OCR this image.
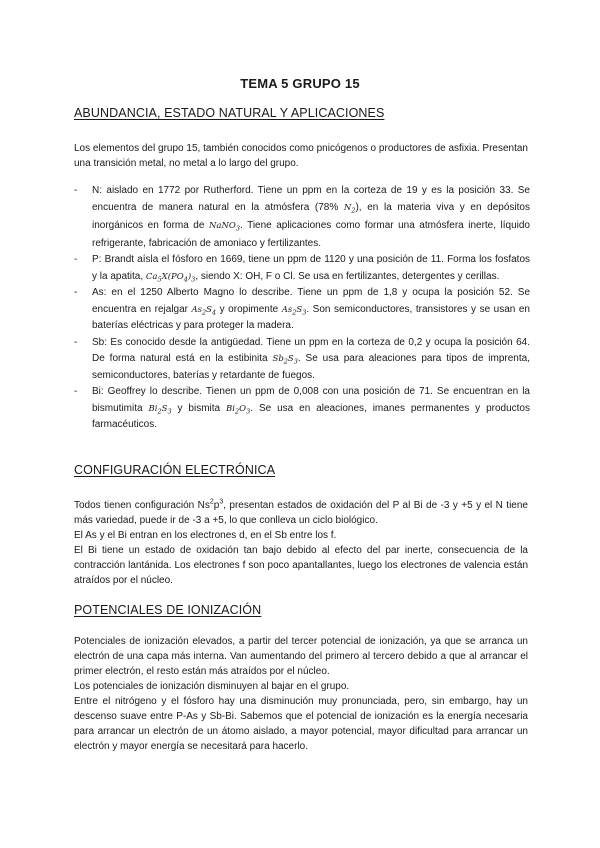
TEMA 5 GRUPO 15
ABUNDANCIA, ESTADO NATURAL Y APLICACIONES

Los elementos del grupo 15, también conocidos como pnicógenos o productores de asfixia. Presentan una transición metal, no metal a lo largo del grupo.

- N: aislado en 1772 por Rutherford. Tiene un ppm en la corteza de 19 y es la posición 33. Se encuentra de manera natural en la atmósfera (78% $N_2$), en la materia viva y en depósitos inorgánicos en forma de NaNO$_3$. Tiene aplicaciones como formar una atmósfera inerte, líquido refrigerante, fabricación de amoniaco y fertilizantes.
- P: Brandt aísla el fósforo en 1669, tiene un ppm de 1120 y una posición de 11. Forma los fosfatos y la apatita, $Ca_5X(PO_4)_3$, siendo X: OH, F o Cl. Se usa en fertilizantes, detergentes y cerillas.
- As: en el 1250 Alberto Magno lo describe. Tiene un ppm de 1,8 y ocupa la posición 52. Se encuentra en rejalgar $As_2S_4$ y oropimente $As_2S_3$. Son semiconductores, transistores y se usan en baterías eléctricas y para proteger la madera.
- Sb: Es conocido desde la antigüedad. Tiene un ppm en la corteza de 0,2 y ocupa la posición 64. De forma natural está en la estibinita $Sb_2S_3$. Se usa para aleaciones para tipos de imprenta, semiconductores, baterías y retardante de fuegos.
- Bi: Geoffrey lo describe. Tienen un ppm de 0,008 con una posición de 71. Se encuentran en la bismutimita $Bi_2S_3$ y bismita $Bi_2O_3$. Se usa en aleaciones, imanes permanentes y productos farmacéuticos.
CONFIGURACIÓN ELECTRÓNICA

Todos tienen configuración $Ns^2p^3$, presentan estados de oxidación del P al Bi de -3 y +5 y el N tiene más variedad, puede ir de -3 a +5, lo que conlleva un ciclo biológico.

El As y el Bi entran en los electrones d, en el Sb entre los f.

El Bi tiene un estado de oxidación tan bajo debido al efecto del par inerte, consecuencia de la contracción lantánida. Los electrones f son poco apantallantes, luego los electrones de valencia están atraídos por el núcleo.

POTENCIALES DE IONIZACIÓN

Potenciales de ionización elevados, a partir del tercer potencial de ionización, ya que se arranca un electrón de una capa más interna. Van aumentando del primero al tercero debido a que al arrancar el primer electrón, el resto están más atraídos por el núcleo.

Los potenciales de ionización disminuyen al bajar en el grupo.

Entre el nitrógeno y el fósforo hay una disminución muy pronunciada, pero, sin embargo, hay un descenso suave entre P-As y Sb-Bi. Sabemos que el potencial de ionización es la energía necesaria para arrancar un electrón de un átomo aislado, a mayor potencial, mayor dificultad para arrancar un electrón y mayor energía se necesitará para hacerlo.
